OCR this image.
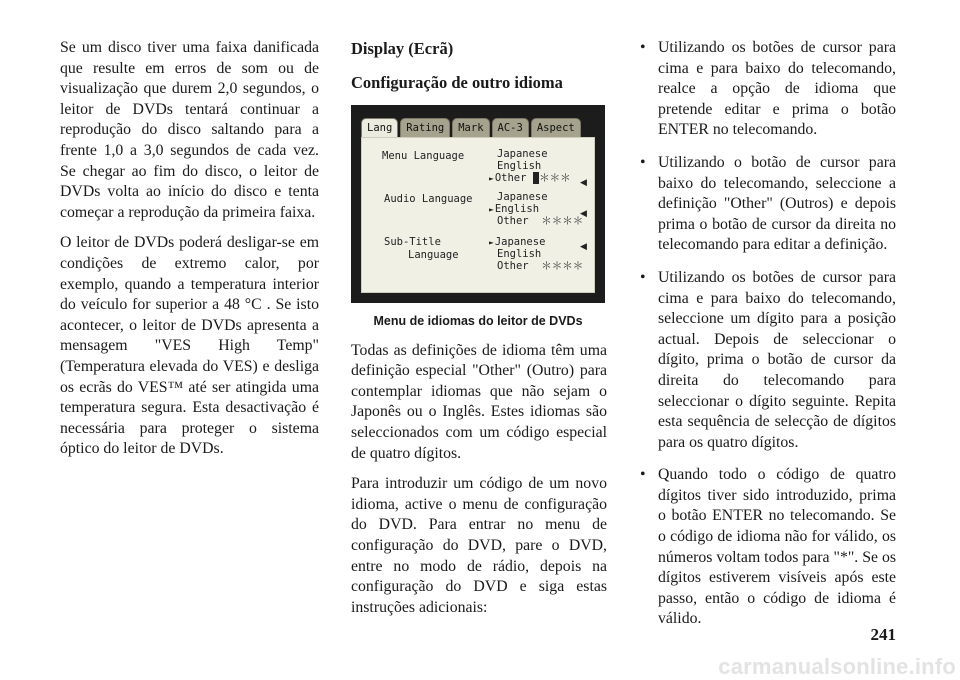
Se um disco tiver uma faixa danificada que resulte em erros de som ou de visualização que durem 2,0 segundos, o leitor de DVDs tentará continuar a reprodução do disco saltando para a frente 1,0 a 3,0 segundos de cada vez. Se chegar ao fim do disco, o leitor de DVDs volta ao início do disco e tenta começar a reprodução da primeira faixa.

O leitor de DVDs poderá desligar-se em condições de extremo calor, por exemplo, quando a temperatura interior do veículo for superior a 48 °C . Se isto acontecer, o leitor de DVDs apresenta a mensagem "VES High Temp" (Temperatura elevada do VES) e desliga os ecrãs do VES™ até ser atingida uma temperatura segura. Esta desactivação é necessária para proteger o sistema óptico do leitor de DVDs.

Display (Ecrã)
Configuração de outro idioma
Lang	Rating	Mark	AC-3	Aspect
Menu Language	Japanese
English
► Other ＊＊＊ ◀
Audio Language Japanese
► English	◀
Other ＊＊＊＊
Sub-Title
Language
► Japanese	◀
English
Other ＊＊＊＊
Menu de idiomas do leitor de DVDs

Todas as definições de idioma têm uma definição especial "Other" (Outro) para contemplar idiomas que não sejam o Japonês ou o Inglês. Estes idiomas são seleccionados com um código especial de quatro dígitos.

Para introduzir um código de um novo idioma, active o menu de configuração do DVD. Para entrar no menu de configuração do DVD, pare o DVD, entre no modo de rádio, depois na configuração do DVD e siga estas instruções adicionais:

• Utilizando os botões de cursor para cima e para baixo do telecomando, realce a opção de idioma que pretende editar e prima o botão ENTER no telecomando.
• Utilizando o botão de cursor para baixo do telecomando, seleccione a definição "Other" (Outros) e depois prima o botão de cursor da direita no telecomando para editar a definição.
• Utilizando os botões de cursor para cima e para baixo do telecomando, seleccione um dígito para a posição actual. Depois de seleccionar o dígito, prima o botão de cursor da direita do telecomando para seleccionar o dígito seguinte. Repita esta sequência de selecção de dígitos para os quatro dígitos.
• Quando todo o código de quatro dígitos tiver sido introduzido, prima o botão ENTER no telecomando. Se o código de idioma não for válido, os números voltam todos para "*". Se os dígitos estiverem visíveis após este passo, então o código de idioma é válido.
241
carmanualsonline.info
